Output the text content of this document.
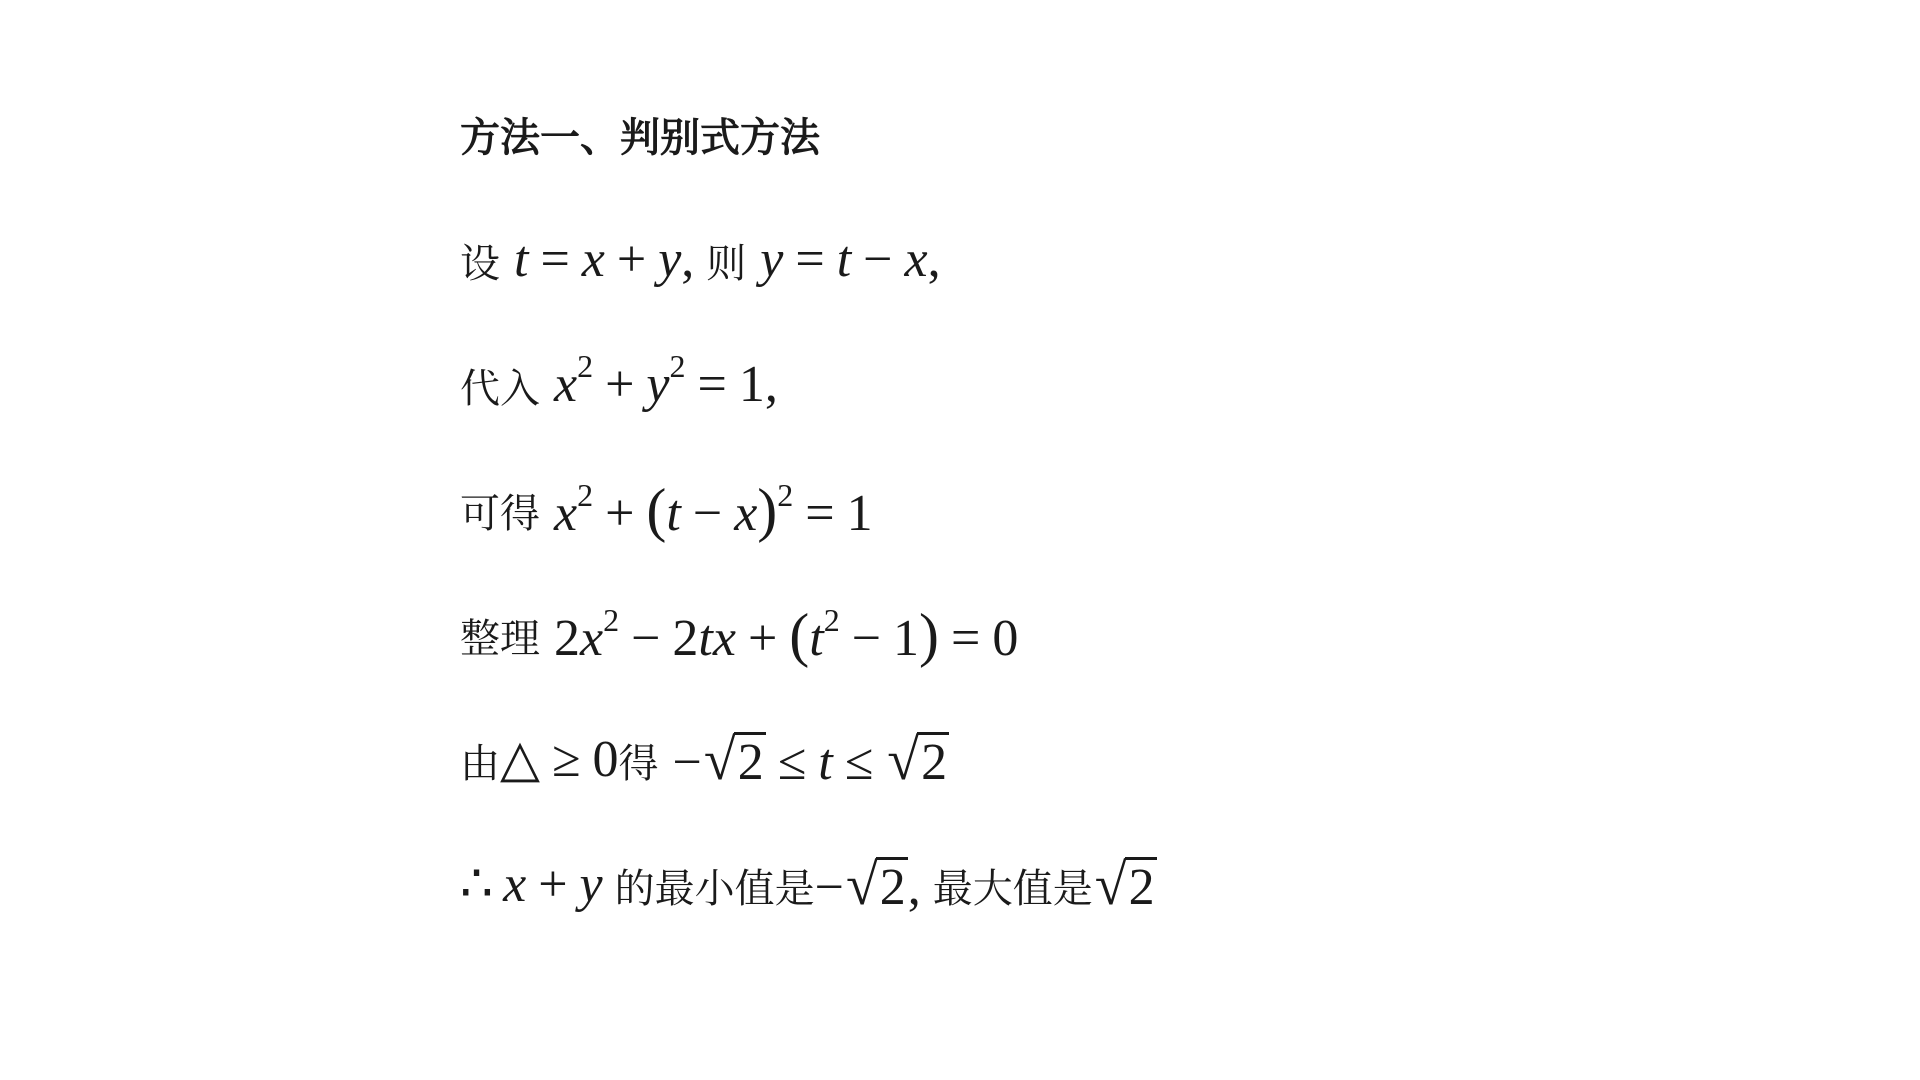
方法一、判别式方法
设 t = x + y, 则 y = t − x,
代入 $x^2 + y^2 = 1$,
可得 $x^2 + (t - x)^2 = 1$
整理 $2x^2 - 2tx + (t^2 - 1) = 0$
由 △ ≥ 0 得 − √ 2 ≤ t ≤ √ 2
∴ x + y 的最小值是 − √ 2 , 最大值是 √ 2
